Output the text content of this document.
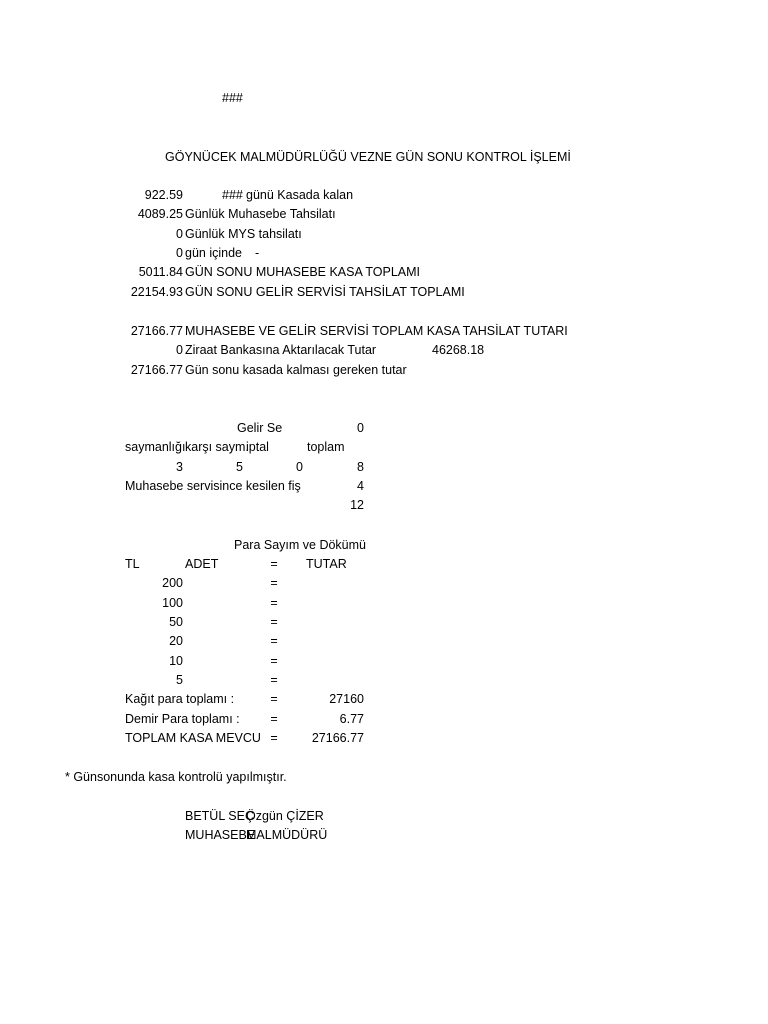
###
GÖYNÜCEK MALMÜDÜRLÜĞÜ VEZNE GÜN SONU KONTROL İŞLEMİ
922.59	### günü Kasada kalan
4089.25 Günlük Muhasebe Tahsilatı
0 Günlük MYS tahsilatı
0 gün içinde -
5011.84 GÜN SONU MUHASEBE KASA TOPLAMI
22154.93 GÜN SONU GELİR SERVİSİ TAHSİLAT TOPLAMI
27166.77 MUHASEBE VE GELİR SERVİSİ TOPLAM KASA TAHSİLAT TUTARI
0 Ziraat Bankasına Aktarılacak Tutar	46268.18
27166.77 Gün sonu kasada kalması gereken tutar
Gelir Se	0
saymanlığı karşı saym.
iptal	toplam
3	5	0	8
Muhasebe servisince kesilen fiş	4
12
Para Sayım ve Dökümü
TL	ADET	=	TUTAR
200	=
100	=
50	=
20	=
10	=
5	=
Kağıt para toplamı :	=	27160
Demir Para toplamı :	=	6.77
TOPLAM KASA MEVCU =	27166.77
* Günsonunda kasa kontrolü yapılmıştır.
BETÜL SEÇ
Özgün ÇİZER
MUHASEBE
MALMÜDÜRÜ
